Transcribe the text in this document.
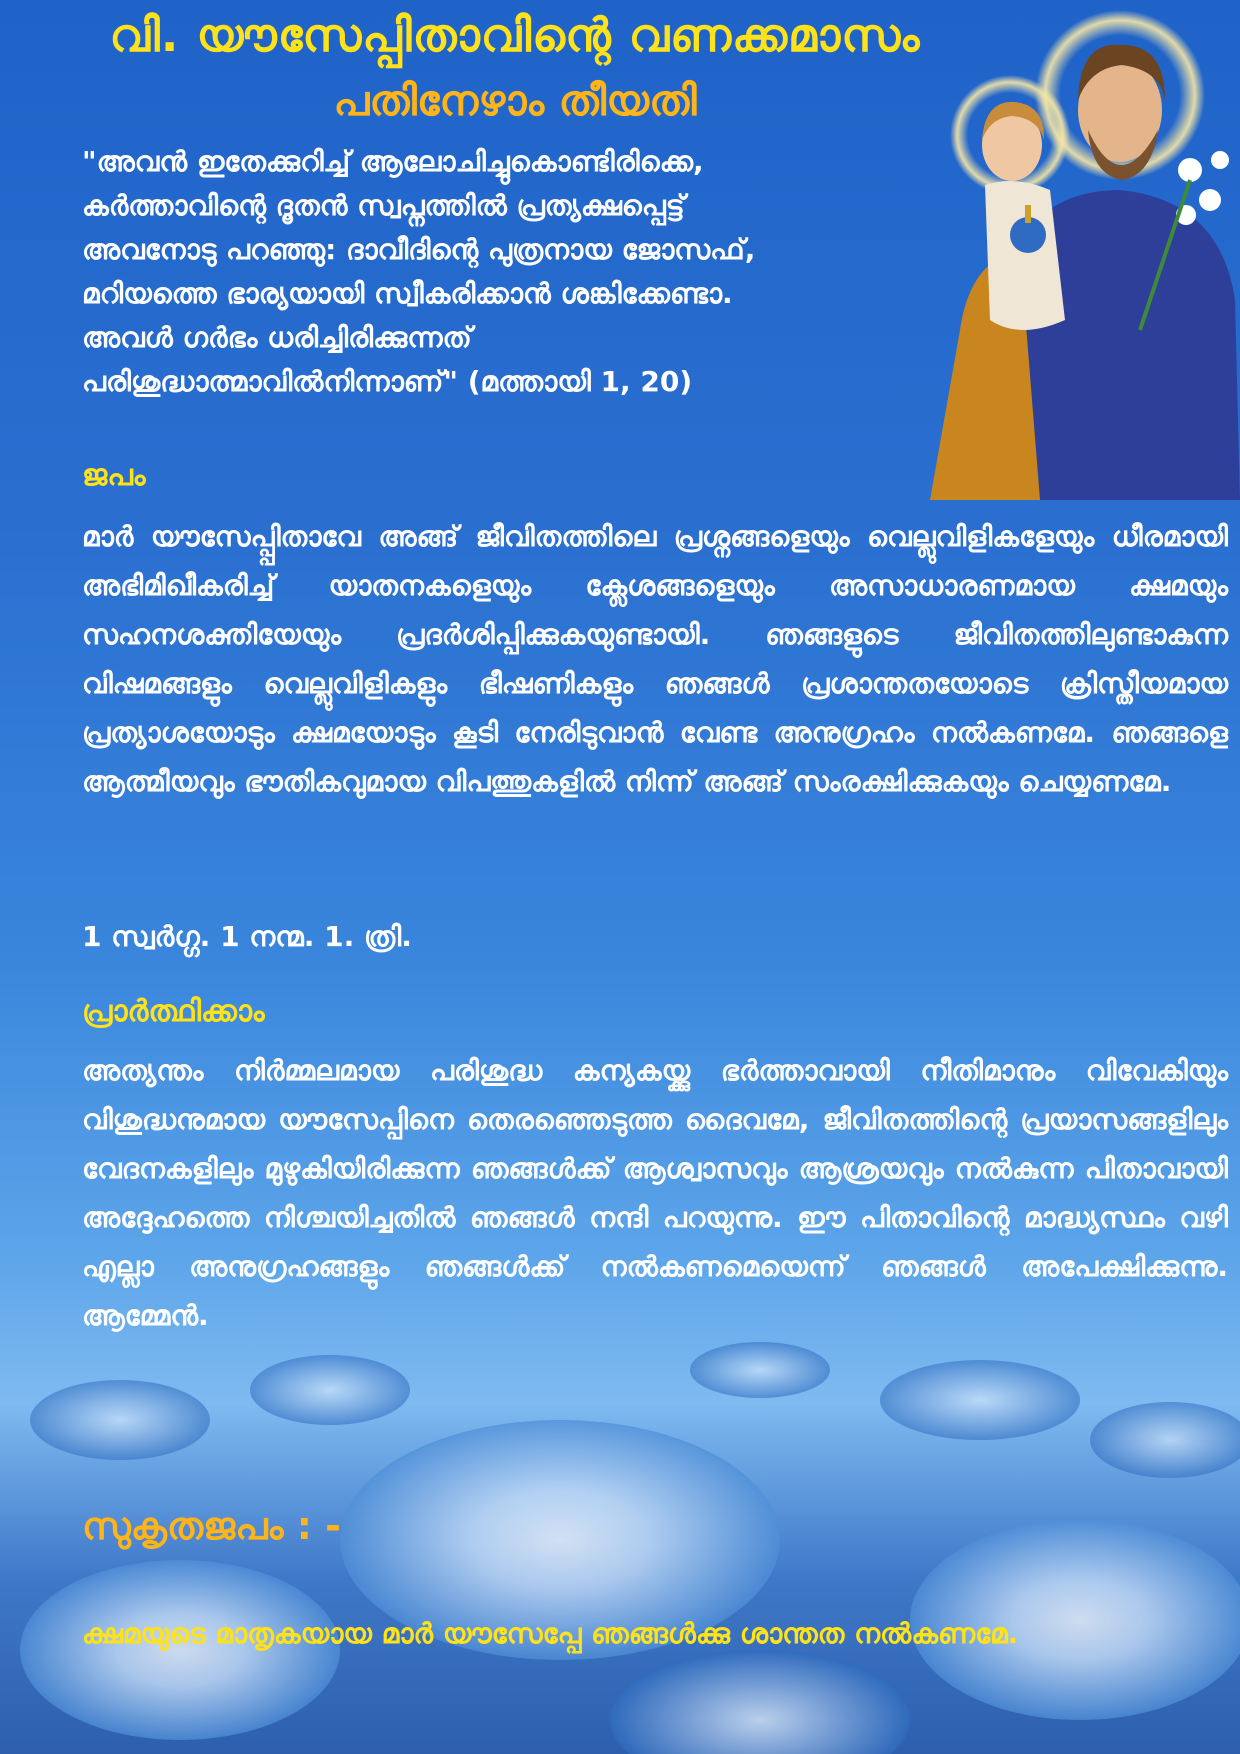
വി. യൗസേപ്പിതാവിന്റെ വണക്കമാസം
പതിനേഴാം തീയതി

"അവൻ ഇതേക്കുറിച്ച് ആലോചിച്ചുകൊണ്ടിരിക്കെ,
കർത്താവിന്റെ ദൂതൻ സ്വപ്നത്തിൽ പ്രത്യക്ഷപ്പെട്ട്
അവനോടു പറഞ്ഞു: ദാവീദിന്റെ പുത്രനായ ജോസഫ്,
മറിയത്തെ ഭാര്യയായി സ്വീകരിക്കാൻ ശങ്കിക്കേണ്ടാ.
അവൾ ഗർഭം ധരിച്ചിരിക്കുന്നത്
പരിശുദ്ധാത്മാവിൽനിന്നാണ്" (മത്തായി 1, 20)

ജപം

മാർ യൗസേപ്പ്പിതാവേ അങ്ങ് ജീവിതത്തിലെ പ്രശ്നങ്ങളെയും വെല്ലുവിളികളേയും ധീരമായി അഭിമിഖീകരിച്ച് യാതനകളെയും ക്ലേശങ്ങളെയും അസാധാരണമായ ക്ഷമയും സഹനശക്തിയേയും പ്രദർശിപ്പിക്കുകയുണ്ടായി. ഞങ്ങളുടെ ജീവിതത്തിലുണ്ടാകുന്ന വിഷമങ്ങളും വെല്ലുവിളികളും ഭീഷണികളും ഞങ്ങൾ പ്രശാന്തതയോടെ ക്രിസ്തീയമായ പ്രത്യാശയോടും ക്ഷമയോടും കൂടി നേരിടുവാൻ വേണ്ട അനുഗ്രഹം നൽകണമേ. ഞങ്ങളെ ആത്മീയവും ഭൗതികവുമായ വിപത്തുകളിൽ നിന്ന് അങ്ങ് സംരക്ഷിക്കുകയും ചെയ്യണമേ.

1 സ്വർഗ്ഗ. 1 നന്മ. 1. ത്രി.

പ്രാർത്ഥിക്കാം

അത്യന്തം നിർമ്മലമായ പരിശുദ്ധ കന്യകയ്ക്കു ഭർത്താവായി നീതിമാനും വിവേകിയും വിശുദ്ധനുമായ യൗസേപ്പിനെ തെരഞ്ഞെടുത്ത ദൈവമേ, ജീവിതത്തിന്റെ പ്രയാസങ്ങളിലും വേദനകളിലും മുഴുകിയിരിക്കുന്ന ഞങ്ങൾക്ക് ആശ്വാസവും ആശ്രയവും നൽകുന്ന പിതാവായി അദ്ദേഹത്തെ നിശ്ചയിച്ചതിൽ ഞങ്ങൾ നന്ദി പറയുന്നു. ഈ പിതാവിന്റെ മാദ്ധ്യസ്ഥം വഴി എല്ലാ അനുഗ്രഹങ്ങളും ഞങ്ങൾക്ക് നൽകണമെയെന്ന് ഞങ്ങൾ അപേക്ഷിക്കുന്നു. ആമ്മേൻ.

സുകൃതജപം : -

ക്ഷമയുടെ മാതൃകയായ മാർ യൗസേപ്പേ ഞങ്ങൾക്കു ശാന്തത നൽകണമേ.
